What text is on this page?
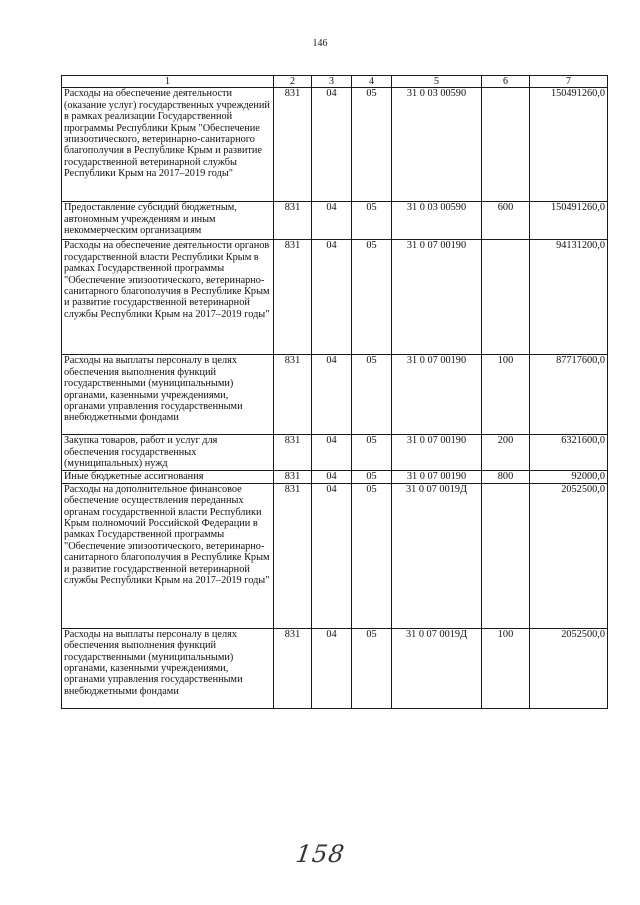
146
1	2	3	4	5	6	7
Расходы на обеспечение деятельности (оказание услуг) государственных учреждений в рамках реализации Государственной программы Республики Крым "Обеспечение эпизоотического, ветеринарно-санитарного благополучия в Республике Крым и развитие государственной ветеринарной службы Республики Крым на 2017–2019 годы"	831	04	05	31 0 03 00590		150491260,0
Предоставление субсидий бюджетным, автономным учреждениям и иным некоммерческим организациям	831	04	05	31 0 03 00590	600	150491260,0
Расходы на обеспечение деятельности органов государственной власти Республики Крым в рамках Государственной программы "Обеспечение эпизоотического, ветеринарно-санитарного благополучия в Республике Крым и развитие государственной ветеринарной службы Республики Крым на 2017–2019 годы"	831	04	05	31 0 07 00190		94131200,0
Расходы на выплаты персоналу в целях обеспечения выполнения функций государственными (муниципальными) органами, казенными учреждениями, органами управления государственными внебюджетными фондами	831	04	05	31 0 07 00190	100	87717600,0
Закупка товаров, работ и услуг для обеспечения государственных (муниципальных) нужд	831	04	05	31 0 07 00190	200	6321600,0
Иные бюджетные ассигнования	831	04	05	31 0 07 00190	800	92000,0
Расходы на дополнительное финансовое обеспечение осуществления переданных органам государственной власти Республики Крым полномочий Российской Федерации в рамках Государственной программы "Обеспечение эпизоотического, ветеринарно-санитарного благополучия в Республике Крым и развитие государственной ветеринарной службы Республики Крым на 2017–2019 годы"	831	04	05	31 0 07 0019Д		2052500,0
Расходы на выплаты персоналу в целях обеспечения выполнения функций государственными (муниципальными) органами, казенными учреждениями, органами управления государственными внебюджетными фондами	831	04	05	31 0 07 0019Д	100	2052500,0
158
